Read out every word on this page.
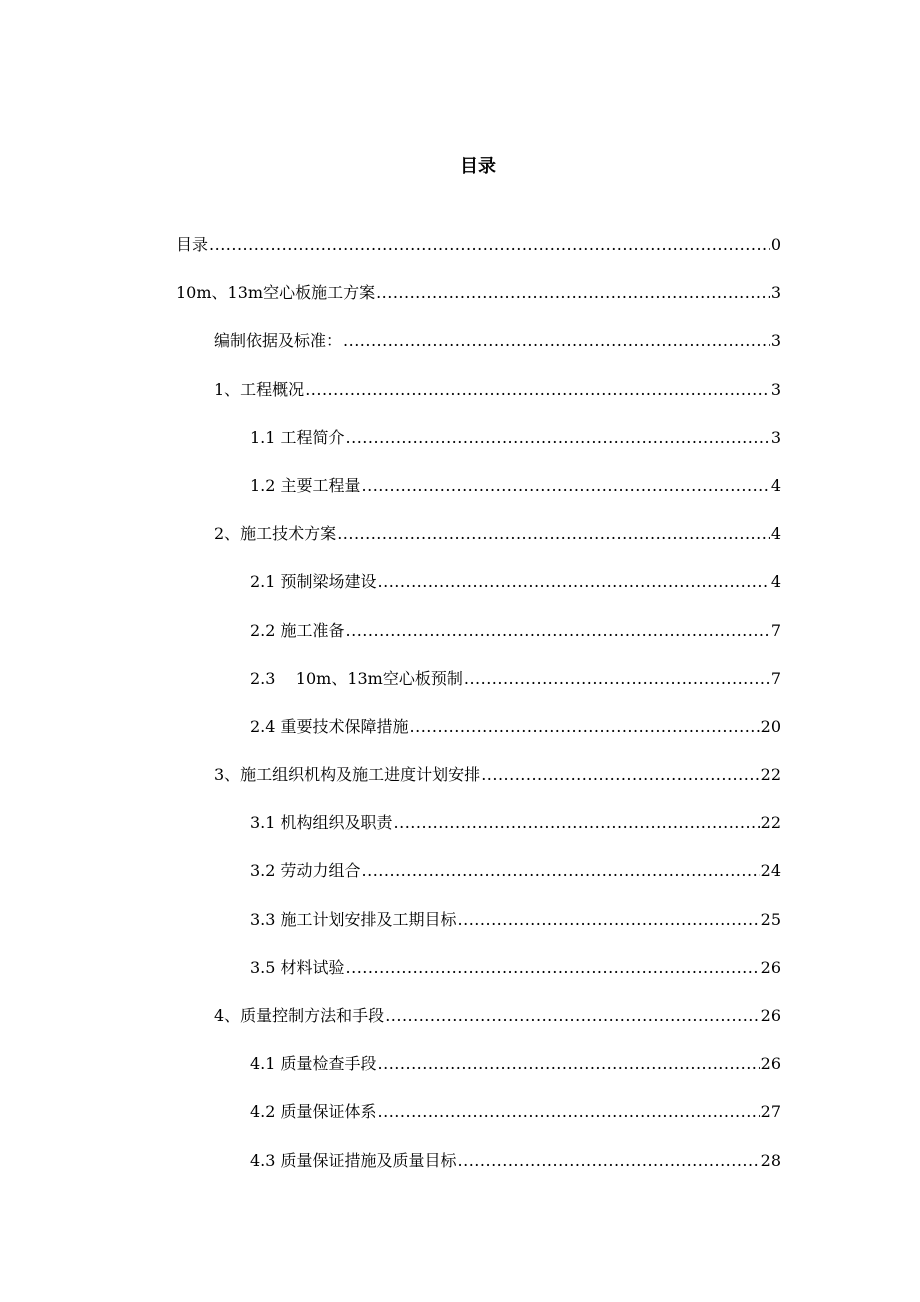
目录
目录 .....	0
10m、13m空心板施工方案 .....	3
编制依据及标准： .....	3
1、工程概况 .....	3
1.1 工程简介 .....	3
1.2 主要工程量 .....	4
2、施工技术方案 .....	4
2.1 预制梁场建设 .....	4
2.2 施工准备 .....	7
2.3    10m、13m空心板预制 .....	7
2.4 重要技术保障措施 .....	20
3、施工组织机构及施工进度计划安排 .....	22
3.1 机构组织及职责 .....	22
3.2 劳动力组合 .....	24
3.3 施工计划安排及工期目标 .....	25
3.5 材料试验 .....	26
4、质量控制方法和手段 .....	26
4.1 质量检查手段 .....	26
4.2 质量保证体系 .....	27
4.3 质量保证措施及质量目标 .....	28
